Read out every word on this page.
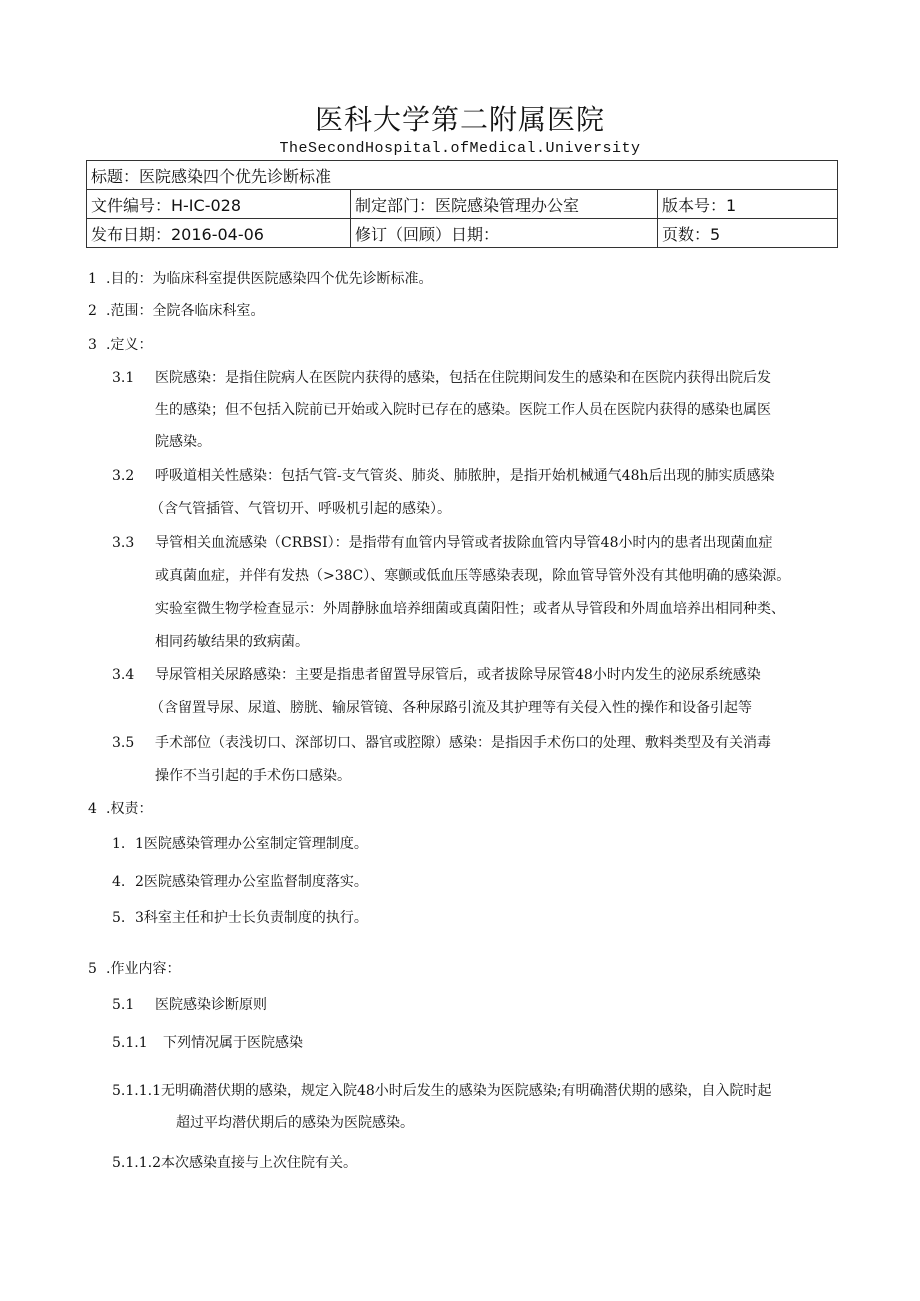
医科大学第二附属医院
TheSecondHospital.ofMedical.University
标题：医院感染四个优先诊断标准		
文件编号：H-IC-028	制定部门：医院感染管理办公室	版本号：1
发布日期：2016-04-06	修订（回顾）日期：	页数：5
1 .目的：为临床科室提供医院感染四个优先诊断标准。
2 .范围：全院各临床科室。
3 .定义：
3.1 医院感染：是指住院病人在医院内获得的感染，包括在住院期间发生的感染和在医院内获得出院后发
生的感染；但不包括入院前已开始或入院时已存在的感染。医院工作人员在医院内获得的感染也属医
院感染。
3.2 呼吸道相关性感染：包括气管-支气管炎、肺炎、肺脓肿，是指开始机械通气48h后出现的肺实质感染
（含气管插管、气管切开、呼吸机引起的感染）。
3.3 导管相关血流感染（CRBSI）：是指带有血管内导管或者拔除血管内导管48小时内的患者出现菌血症
或真菌血症，并伴有发热（>38C）、寒颤或低血压等感染表现，除血管导管外没有其他明确的感染源。
实验室微生物学检查显示：外周静脉血培养细菌或真菌阳性；或者从导管段和外周血培养出相同种类、
相同药敏结果的致病菌。
3.4 导尿管相关尿路感染：主要是指患者留置导尿管后，或者拔除导尿管48小时内发生的泌尿系统感染
（含留置导尿、尿道、膀胱、输尿管镜、各种尿路引流及其护理等有关侵入性的操作和设备引起等
3.5 手术部位（表浅切口、深部切口、器官或腔隙）感染：是指因手术伤口的处理、敷料类型及有关消毒
操作不当引起的手术伤口感染。
4 .权责：
1. 1医院感染管理办公室制定管理制度。
4. 2医院感染管理办公室监督制度落实。
5. 3科室主任和护士长负责制度的执行。
5 .作业内容：
5.1 医院感染诊断原则
5.1.1 下列情况属于医院感染
5.1.1.1无明确潜伏期的感染，规定入院48小时后发生的感染为医院感染;有明确潜伏期的感染，自入院时起
超过平均潜伏期后的感染为医院感染。
5.1.1.2本次感染直接与上次住院有关。
